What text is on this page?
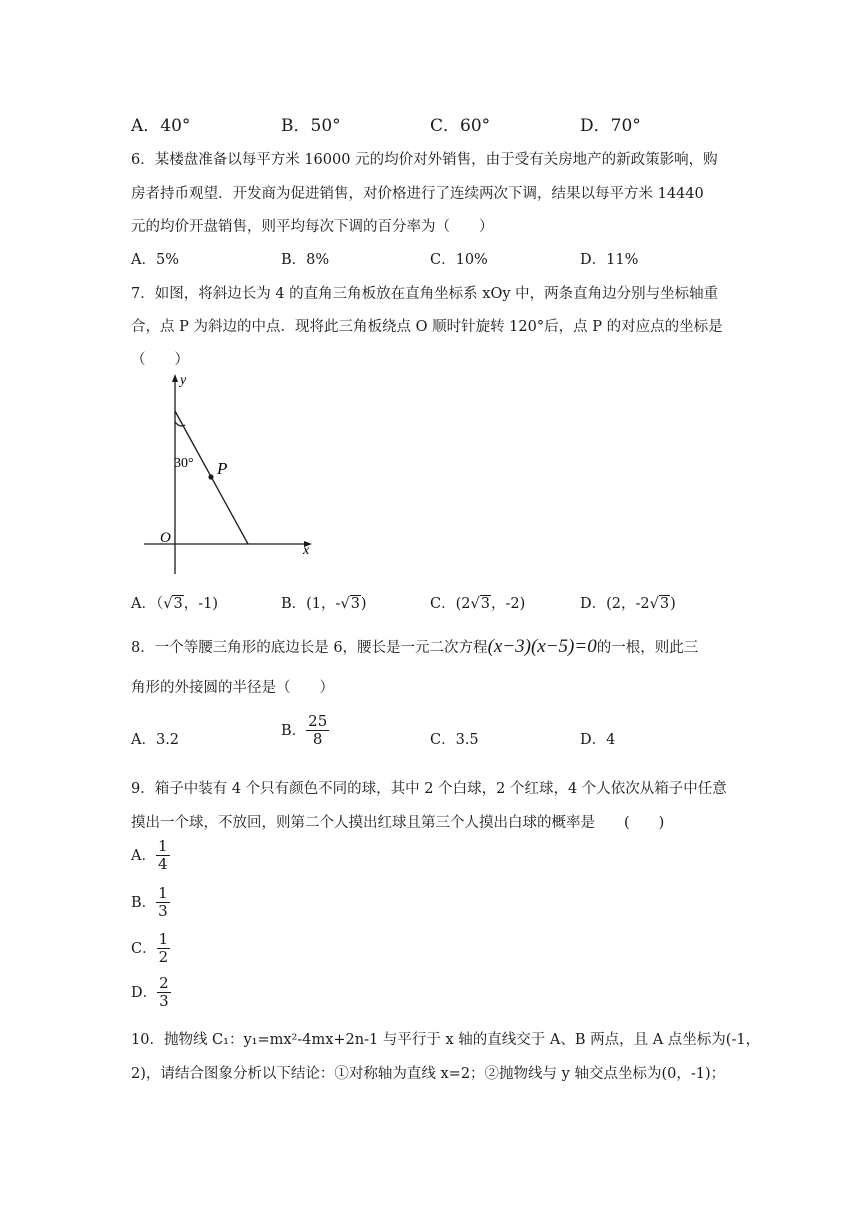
A．40°	B．50°	C．60°	D．70°
6．某楼盘准备以每平方米 16000 元的均价对外销售，由于受有关房地产的新政策影响，购
房者持币观望．开发商为促进销售，对价格进行了连续两次下调，结果以每平方米 14440
元的均价开盘销售，则平均每次下调的百分率为（　　）
A．5%	B．8%	C．10%	D．11%
7．如图，将斜边长为 4 的直角三角板放在直角坐标系 xOy 中，两条直角边分别与坐标轴重
合，点 P 为斜边的中点．现将此三角板绕点 O 顺时针旋转 120°后，点 P 的对应点的坐标是
（　　）
y
x
O
P
30°
A．（√3，-1)	B．(1，-√3)	C．(2√3，-2)	D．(2，-2√3)
8．一个等腰三角形的底边长是 6，腰长是一元二次方程(x−3)(x−5)=0的一根，则此三
角形的外接圆的半径是（　　）
A．3.2
B． $\frac{25}{8}$	C．3.5	D．4
9．箱子中装有 4 个只有颜色不同的球，其中 2 个白球，2 个红球，4 个人依次从箱子中任意
摸出一个球，不放回，则第二个人摸出红球且第三个人摸出白球的概率是　　(　　)
A． $\frac{1}{4}$
B． $\frac{1}{3}$
C． $\frac{1}{2}$
D． $\frac{2}{3}$
10．抛物线 C₁：y₁=mx²-4mx+2n-1 与平行于 x 轴的直线交于 A、B 两点，且 A 点坐标为(-1，
2)，请结合图象分析以下结论：①对称轴为直线 x=2；②抛物线与 y 轴交点坐标为(0，-1)；
